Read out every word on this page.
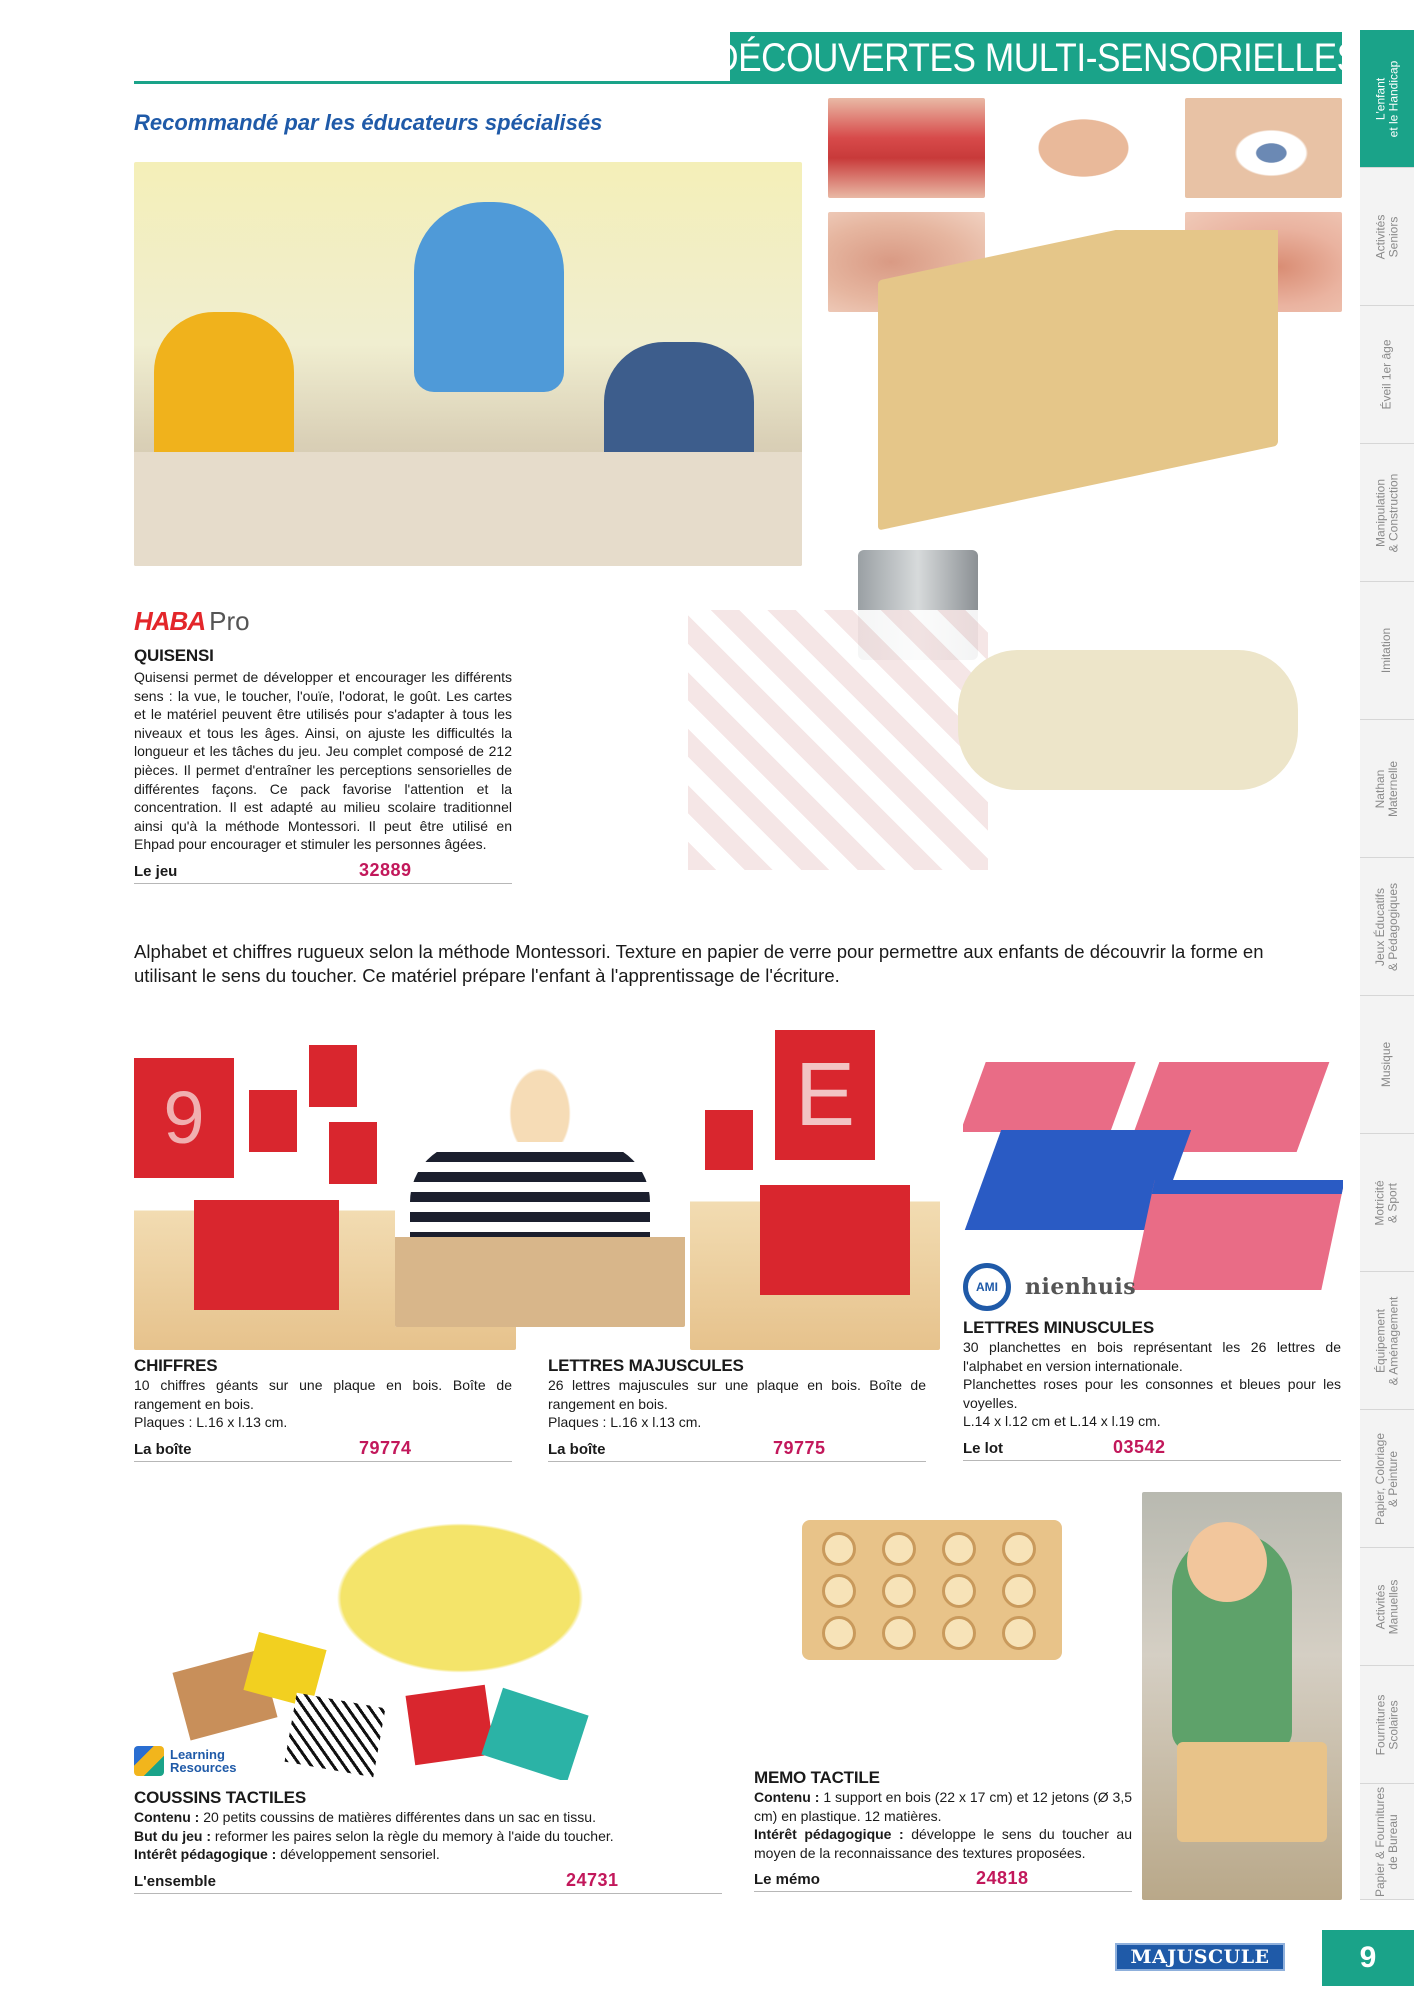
DÉCOUVERTES MULTI-SENSORIELLES
Recommandé par les éducateurs spécialisés
L'enfant
et le Handicap
Activités
Seniors
Éveil 1er âge
Manipulation
& Construction
Imitation
Nathan
Maternelle
Jeux Éducatifs
& Pédagogiques
Musique
Motricité
& Sport
Équipement
& Aménagement
Papier, Coloriage
& Peinture
Activités
Manuelles
Fournitures
Scolaires
Papier & Fournitures
de Bureau
HABA Pro
QUISENSI
Quisensi permet de développer et encourager les différents sens : la vue, le toucher, l'ouïe, l'odorat, le goût. Les cartes et le matériel peuvent être utilisés pour s'adapter à tous les niveaux et tous les âges. Ainsi, on ajuste les difficultés la longueur et les tâches du jeu. Jeu complet composé de 212 pièces. Il permet d'entraîner les perceptions sensorielles de différentes façons. Ce pack favorise l'attention et la concentration. Il est adapté au milieu scolaire traditionnel ainsi qu'à la méthode Montessori. Il peut être utilisé en Ehpad pour encourager et stimuler les personnes âgées.
Le jeu	32889
Alphabet et chiffres rugueux selon la méthode Montessori. Texture en papier de verre pour permettre aux enfants de découvrir la forme en utilisant le sens du toucher. Ce matériel prépare l'enfant à l'apprentissage de l'écriture.
9	E
AMI	nienhuis
CHIFFRES
10 chiffres géants sur une plaque en bois. Boîte de rangement en bois.
Plaques : L.16 x l.13 cm.
La boîte	79774
LETTRES MAJUSCULES
26 lettres majuscules sur une plaque en bois. Boîte de rangement en bois.
Plaques : L.16 x l.13 cm.
La boîte	79775
LETTRES MINUSCULES
30 planchettes en bois représentant les 26 lettres de l'alphabet en version internationale.
Planchettes roses pour les consonnes et bleues pour les voyelles.
L.14 x l.12 cm et L.14 x l.19 cm.
Le lot	03542
Learning Resources
COUSSINS TACTILES
Contenu : 20 petits coussins de matières différentes dans un sac en tissu.
But du jeu : reformer les paires selon la règle du memory à l'aide du toucher.
Intérêt pédagogique : développement sensoriel.
L'ensemble	24731
MEMO TACTILE
Contenu : 1 support en bois (22 x 17 cm) et 12 jetons (Ø 3,5 cm) en plastique. 12 matières.
Intérêt pédagogique : développe le sens du toucher au moyen de la reconnaissance des textures proposées.
Le mémo	24818
MAJUSCULE	9
